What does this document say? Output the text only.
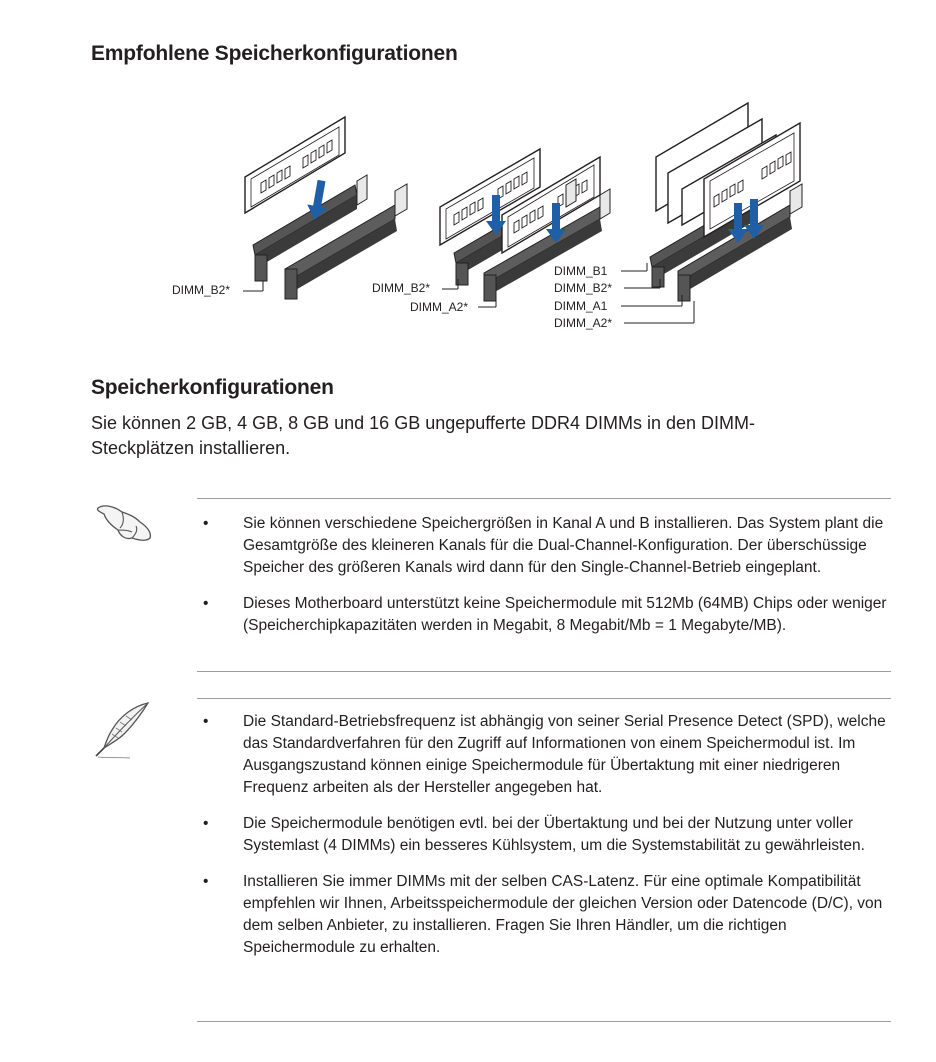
Empfohlene Speicherkonfigurationen
DIMM_B2*	DIMM_B2*
DIMM_A2*
DIMM_B1
DIMM_B2*
DIMM_A1
DIMM_A2*
Speicherkonfigurationen
Sie können 2 GB, 4 GB, 8 GB und 16 GB ungepufferte DDR4 DIMMs in den DIMM-Steckplätzen installieren.
• Sie können verschiedene Speichergrößen in Kanal A und B installieren. Das System plant die Gesamtgröße des kleineren Kanals für die Dual-Channel-Konfiguration. Der überschüssige Speicher des größeren Kanals wird dann für den Single-Channel-Betrieb eingeplant.
• Dieses Motherboard unterstützt keine Speichermodule mit 512Mb (64MB) Chips oder weniger (Speicherchipkapazitäten werden in Megabit, 8 Megabit/Mb = 1 Megabyte/MB).
• Die Standard-Betriebsfrequenz ist abhängig von seiner Serial Presence Detect (SPD), welche das Standardverfahren für den Zugriff auf Informationen von einem Speichermodul ist. Im Ausgangszustand können einige Speichermodule für Übertaktung mit einer niedrigeren Frequenz arbeiten als der Hersteller angegeben hat.
• Die Speichermodule benötigen evtl. bei der Übertaktung und bei der Nutzung unter voller Systemlast (4 DIMMs) ein besseres Kühlsystem, um die Systemstabilität zu gewährleisten.
• Installieren Sie immer DIMMs mit der selben CAS-Latenz. Für eine optimale Kompatibilität empfehlen wir Ihnen, Arbeitsspeichermodule der gleichen Version oder Datencode (D/C), von dem selben Anbieter, zu installieren. Fragen Sie Ihren Händler, um die richtigen Speichermodule zu erhalten.
